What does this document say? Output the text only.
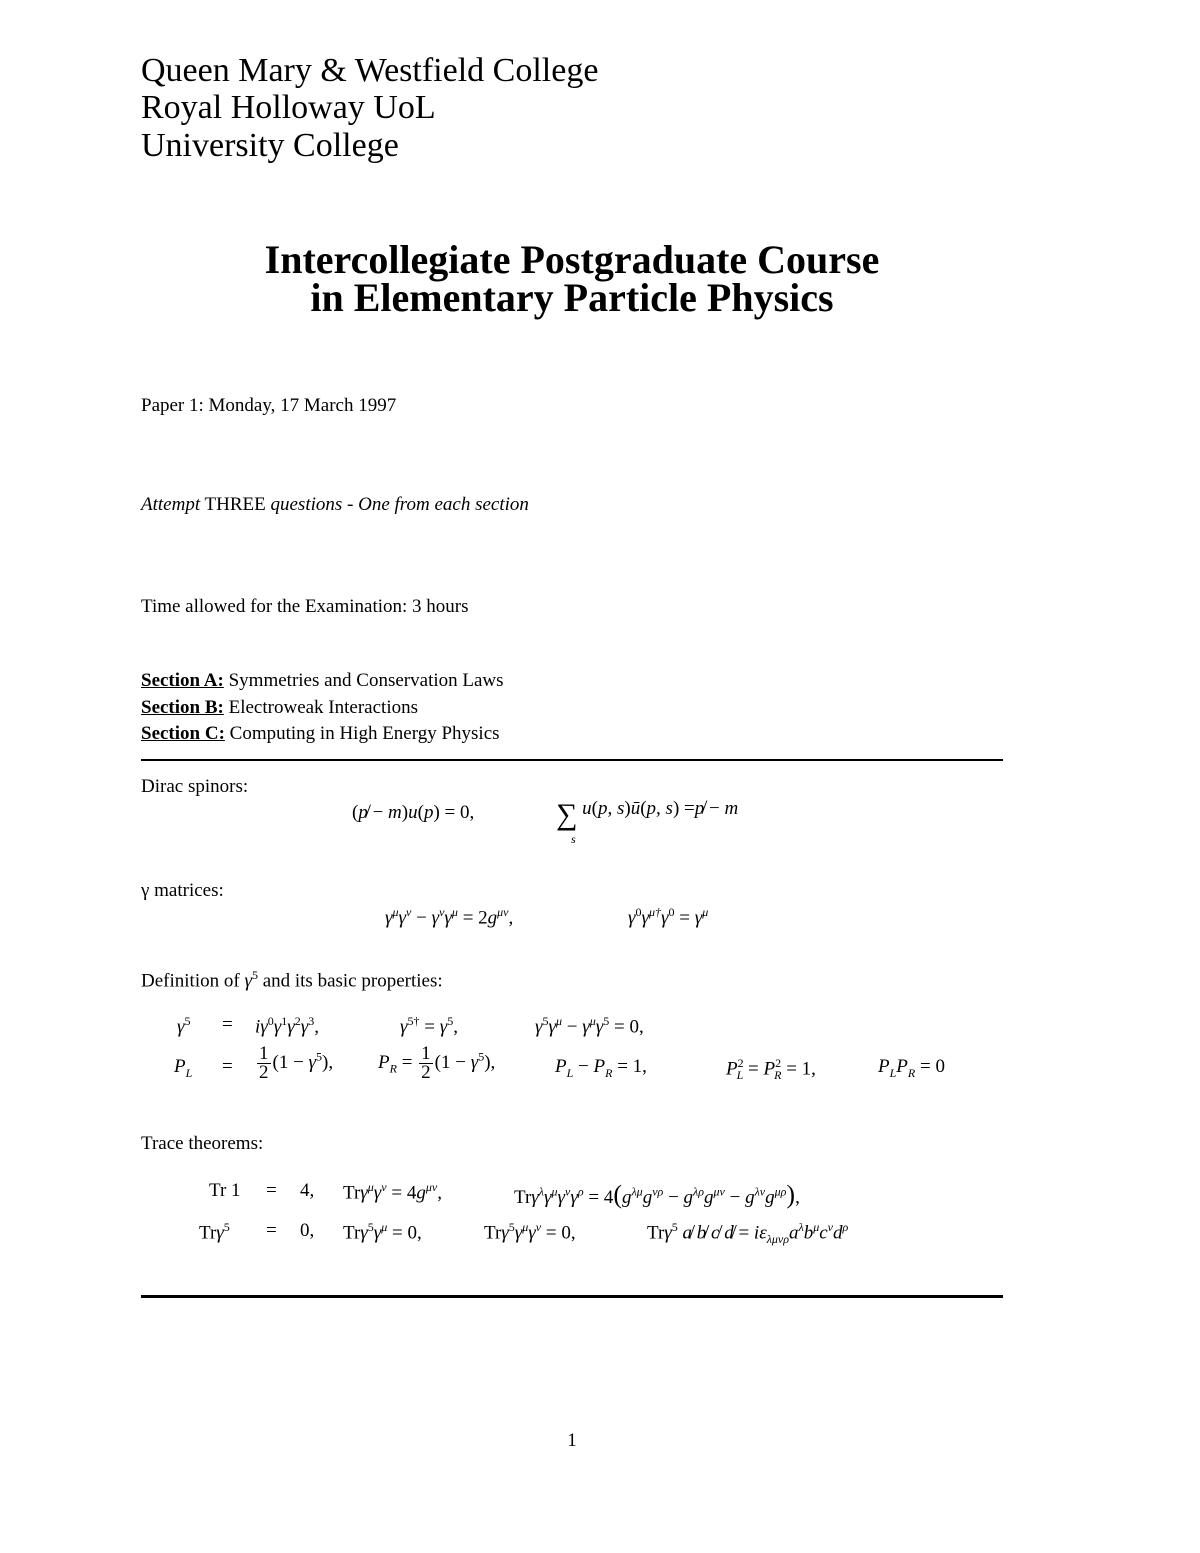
Queen Mary & Westfield College
Royal Holloway UoL
University College
Intercollegiate Postgraduate Course
in Elementary Particle Physics
Paper 1: Monday, 17 March 1997
Attempt THREE questions - One from each section
Time allowed for the Examination: 3 hours
Section A: Symmetries and Conservation Laws
Section B: Electroweak Interactions
Section C: Computing in High Energy Physics
Dirac spinors:
(p̸ − m)u(p) = 0,	∑ u(p, s)ū(p, s) =p̸ − m
s
γ matrices:
$\gamma^\mu\gamma^\nu - \gamma^\nu\gamma^\mu = 2g^{\mu\nu}$,	$\gamma^0\gamma^{\mu\dagger}\gamma^0 = \gamma^\mu$
Definition of $\gamma^5$ and its basic properties:
$\gamma^5 = i\gamma^0\gamma^1\gamma^2\gamma^3$,	$\gamma^{5\dagger} = \gamma^5$,	$\gamma^5\gamma^\mu - \gamma^\mu\gamma^5 = 0$,
$P_L = \frac{1}{2} (1 - \gamma^5)$, $P_R = \frac{1}{2} (1 - \gamma^5)$,	$P_L - P_R = 1$,	$P^2_L = P^2_R = 1$,	$P_LP_R = 0$
Trace theorems:
Tr 1 = 4, $Tr\gamma^\mu\gamma^\nu = 4g^{\mu\nu}$,	$Tr\gamma^\lambda\gamma^\mu\gamma^\nu\gamma^\rho = 4(g^{\lambda\mu}g^{\nu\rho} - g^{\lambda\rho}g^{\mu\nu} - g^{\lambda\nu}g^{\mu\rho})$,
Trγ$^5$ = 0, $Tr\gamma^5\gamma^\mu = 0$,	$Tr\gamma^5\gamma^\mu\gamma^\nu = 0$,	Trγ$^5$ a̸ b̸ c̸ d̸ = $i\varepsilon_{\lambda\mu\nu\rho}a^\lambda b^\mu c^\nu d^\rho$
1
